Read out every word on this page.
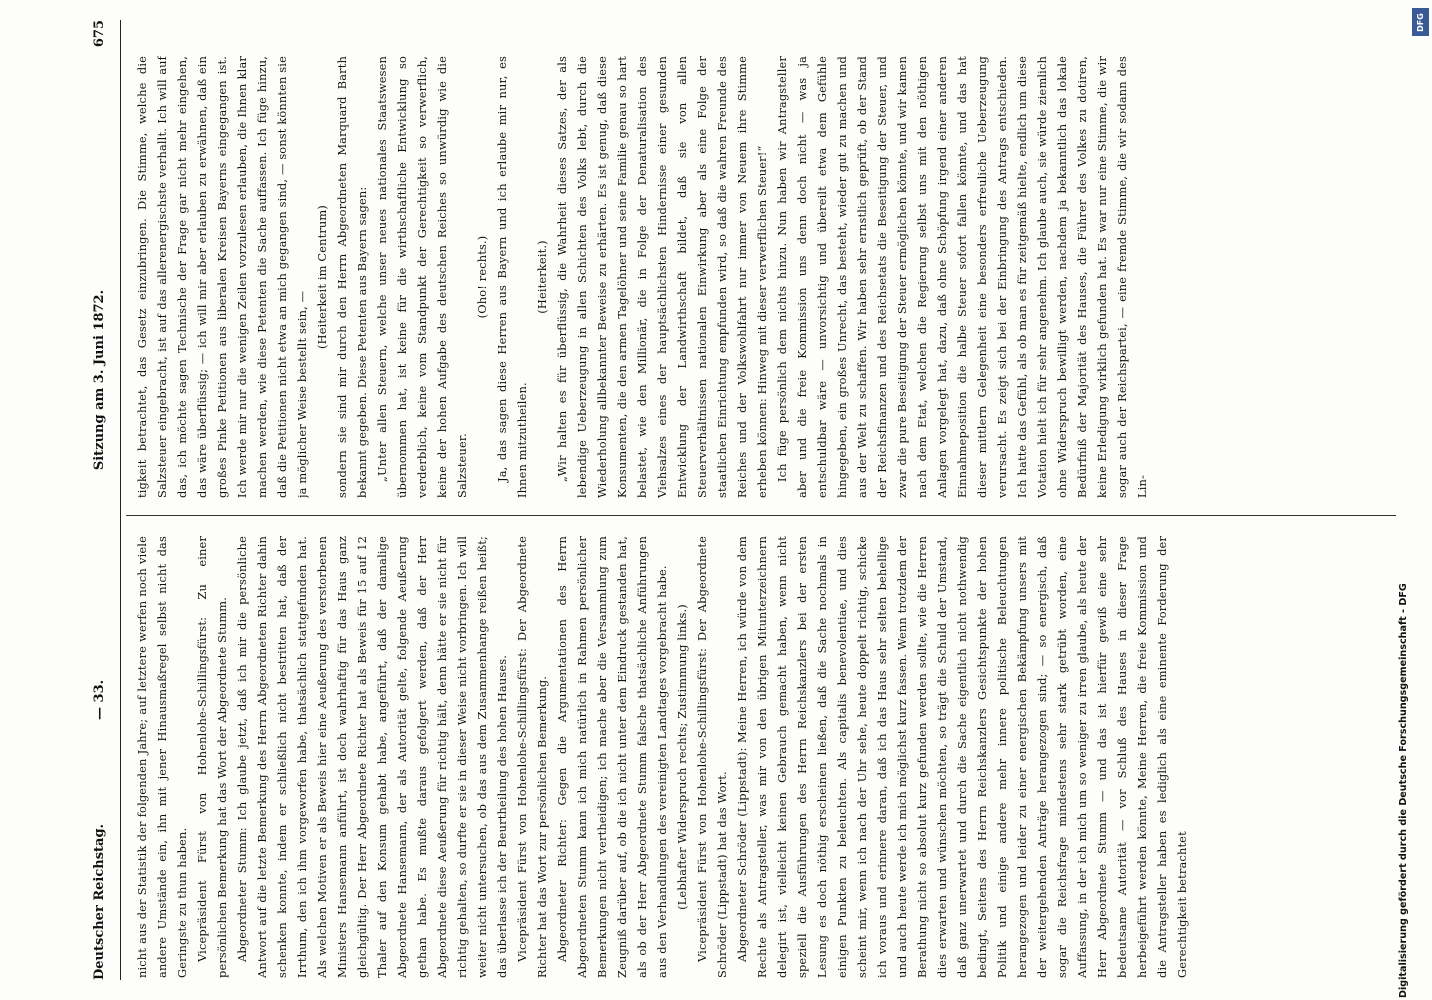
Deutscher Reichstag.
— 33.
Sitzung am 3. Juni 1872.
675

nicht aus der Statistik der folgenden Jahre; auf letztere werfen noch viele andere Umstände ein, ihn mit jener Hinausmaßregel selbst nicht das Geringste zu thun haben. Vicepräsident Fürst von Hohenlohe-Schillingsfürst: Zu einer persönlichen Bemerkung hat das Wort der Abgeordnete Stumm. Abgeordneter Stumm: Ich glaube jetzt, daß ich mir die persönliche Antwort auf die letzte Bemerkung des Herrn Abgeordneten Richter dahin schenken konnte, indem er schließlich nicht bestritten hat, daß der Irrthum, den ich ihm vorgeworfen habe, thatsächlich stattgefunden hat. Als welchen Motiven er als Beweis hier eine Aeußerung des verstorbenen Ministers Hansemann anführt, ist doch wahrhaftig für das Haus ganz gleichgültig. Der Herr Abgeordnete Richter hat als Beweis für 15 auf 12 Thaler auf den Konsum gehabt habe, angeführt, daß der damalige Abgeordnete Hansemann, der als Autorität gelte, folgende Aeußerung gethan habe. Es mußte daraus gefolgert werden, daß der Herr Abgeordnete diese Aeußerung für richtig hält, denn hätte er sie nicht für richtig gehalten, so durfte er sie in dieser Weise nicht vorbringen. Ich will weiter nicht untersuchen, ob das aus dem Zusammenhange reißen heißt; das überlasse ich der Beurtheilung des hohen Hauses. Vicepräsident Fürst von Hohenlohe-Schillingsfürst: Der Abgeordnete Richter hat das Wort zur persönlichen Bemerkung. Abgeordneter Richter: Gegen die Argumentationen des Herrn Abgeordneten Stumm kann ich mich natürlich in Rahmen persönlicher Bemerkungen nicht vertheidigen; ich mache aber die Versammlung zum Zeugniß darüber auf, ob die ich nicht unter dem Eindruck gestanden hat, als ob der Herr Abgeordnete Stumm falsche thatsächliche Anführungen aus den Verhandlungen des vereinigten Landtages vorgebracht habe. (Lebhafter Widerspruch rechts; Zustimmung links.) Vicepräsident Fürst von Hohenlohe-Schillingsfürst: Der Abgeordnete Schröder (Lippstadt) hat das Wort. Abgeordneter Schröder (Lippstadt): Meine Herren, ich würde von dem Rechte als Antragsteller, was mir von den übrigen Mitunterzeichnern delegirt ist, vielleicht keinen Gebrauch gemacht haben, wenn nicht speziell die Ausführungen des Herrn Reichskanzlers bei der ersten Lesung es doch nöthig erscheinen ließen, daß die Sache nochmals in einigen Punkten zu beleuchten. Als capitalis benevolentiae, und dies scheint mir, wenn ich nach der Uhr sehe, heute doppelt richtig, schicke ich voraus und erinnere daran, daß ich das Haus sehr selten behellige und auch heute werde ich mich möglichst kurz fassen. Wenn trotzdem der Berathung nicht so absolut kurz gefunden werden sollte, wie die Herren dies erwarten und wünschen möchten, so trägt die Schuld der Umstand, daß ganz unerwartet und durch die Sache eigentlich nicht nothwendig bedingt, Seitens des Herrn Reichskanzlers Gesichtspunkte der hohen Politik und einige andere mehr innere politische Beleuchtungen herangezogen und leider zu einer energischen Bekämpfung unsers mit der weitergehenden Anträge herangezogen sind; — so energisch, daß sogar die Reichsfrage mindestens sehr stark getrübt worden, eine Auffassung, in der ich mich um so weniger zu irren glaube, als heute der Herr Abgeordnete Stumm — und das ist hierfür gewiß eine sehr bedeutsame Autorität — vor Schluß des Hauses in dieser Frage herbeigeführt werden könnte, Meine Herren, die freie Kommission und die Antragsteller haben es lediglich als eine eminente Forderung der Gerechtigkeit betrachtet

tigkeit betrachtet, das Gesetz einzubringen. Die Stimme, welche die Salzsteuer eingebracht, ist auf das allerenergischste verhallt. Ich will auf das, ich möchte sagen Technische der Frage gar nicht mehr eingehen, das wäre überflüssig; — ich will mir aber erlauben zu erwähnen, daß ein großes Pinke Petitionen aus liberalen Kreisen Bayerns eingegangen ist. Ich werde mir nur die wenigen Zeilen vorzulesen erlauben, die Ihnen klar machen werden, wie diese Petenten die Sache auffassen. Ich füge hinzu, daß die Petitionen nicht etwa an mich gegangen sind, — sonst könnten sie ja möglicher Weise bestellt sein, —

(Heiterkeit im Centrum) sondern sie sind mir durch den Herrn Abgeordneten Marquard Barth bekannt gegeben. Diese Petenten aus Bayern sagen: „Unter allen Steuern, welche unser neues nationales Staatswesen übernommen hat, ist keine für die wirthschaftliche Entwicklung so verderblich, keine vom Standpunkt der Gerechtigkeit so verwerflich, keine der hohen Aufgabe des deutschen Reiches so unwürdig wie die Salzsteuer.

(Oho! rechts.) Ja, das sagen diese Herren aus Bayern und ich erlaube mir nur, es Ihnen mitzutheilen.

(Heiterkeit.) „Wir halten es für überflüssig, die Wahrheit dieses Satzes, der als lebendige Ueberzeugung in allen Schichten des Volks lebt, durch die Wiederholung allbekannter Beweise zu erhärten. Es ist genug, daß diese Konsumenten, die den armen Tagelöhner und seine Familie genau so hart belastet, wie den Millionär, die in Folge der Denaturalisation des Viehsalzes eines der hauptsächlichsten Hindernisse einer gesunden Entwicklung der Landwirthschaft bildet, daß sie von allen Steuerverhältnissen nationalen Einwirkung aber als eine Folge der staatlichen Einrichtung empfunden wird, so daß die wahren Freunde des Reiches und der Volkswohlfahrt nur immer von Neuem ihre Stimme erheben können: Hinweg mit dieser verwerflichen Steuer!“ Ich füge persönlich dem nichts hinzu. Nun haben wir Antragsteller aber und die freie Kommission uns denn doch nicht — was ja entschuldbar wäre — unvorsichtig und übereilt etwa dem Gefühle hingegeben, ein großes Unrecht, das besteht, wieder gut zu machen und aus der Welt zu schaffen. Wir haben sehr ernstlich geprüft, ob der Stand der Reichsfinanzen und des Reichsetats die Beseitigung der Steuer, und zwar die pure Beseitigung der Steuer ermöglichen könnte, und wir kamen nach dem Etat, welchen die Regierung selbst uns mit den nöthigen Anlagen vorgelegt hat, dazu, daß ohne Schöpfung irgend einer anderen Einnahmeposition die halbe Steuer sofort fallen könnte, und das hat dieser mittlern Gelegenheit eine besonders erfreuliche Ueberzeugung verursacht. Es zeigt sich bei der Einbringung des Antrags entschieden. Ich hatte das Gefühl, als ob man es für zeitgemäß hielte, endlich um diese Votation hielt ich für sehr angenehm. Ich glaube auch, sie würde ziemlich ohne Widerspruch bewilligt werden, nachdem ja bekanntlich das lokale Bedürfniß der Majorität des Hauses, die Führer des Volkes zu dotiren, keine Erledigung wirklich gefunden hat. Es war nur eine Stimme, die wir sogar auch der Reichspartei, — eine fremde Stimme, die wir sodann des Lin-

Digitalisierung gefördert durch die Deutsche Forschungsgemeinschaft - DFG
DFG
